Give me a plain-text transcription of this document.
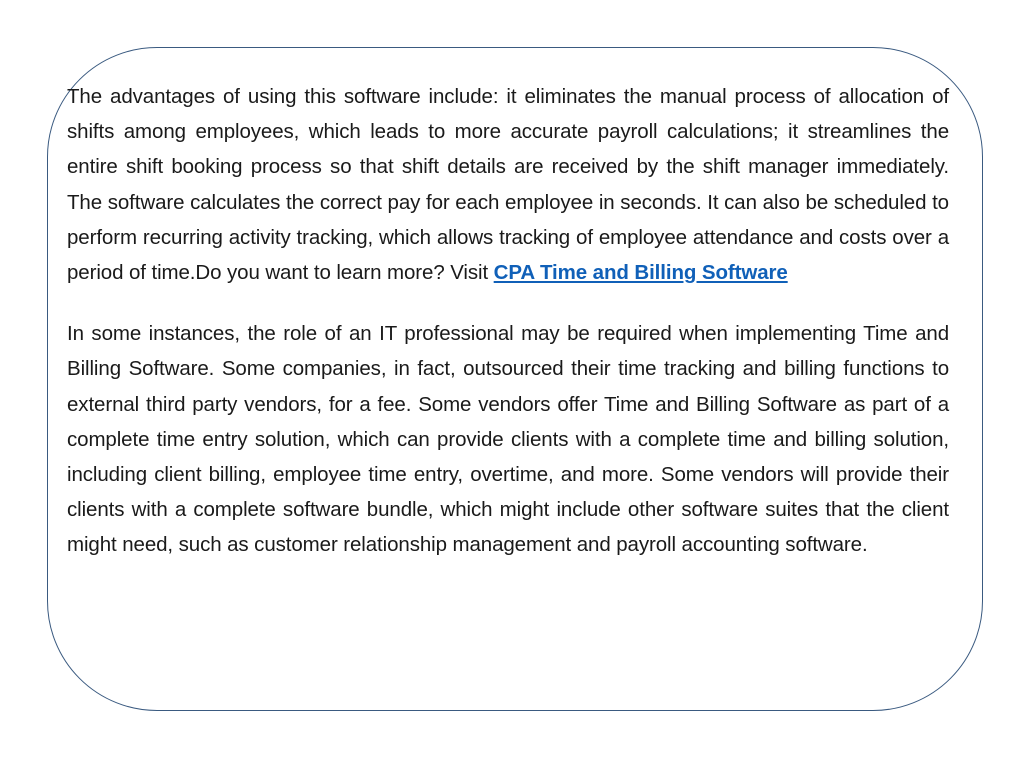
The advantages of using this software include: it eliminates the manual process of allocation of shifts among employees, which leads to more accurate payroll calculations; it streamlines the entire shift booking process so that shift details are received by the shift manager immediately. The software calculates the correct pay for each employee in seconds. It can also be scheduled to perform recurring activity tracking, which allows tracking of employee attendance and costs over a period of time.Do you want to learn more? Visit CPA Time and Billing Software

In some instances, the role of an IT professional may be required when implementing Time and Billing Software. Some companies, in fact, outsourced their time tracking and billing functions to external third party vendors, for a fee. Some vendors offer Time and Billing Software as part of a complete time entry solution, which can provide clients with a complete time and billing solution, including client billing, employee time entry, overtime, and more. Some vendors will provide their clients with a complete software bundle, which might include other software suites that the client might need, such as customer relationship management and payroll accounting software.
